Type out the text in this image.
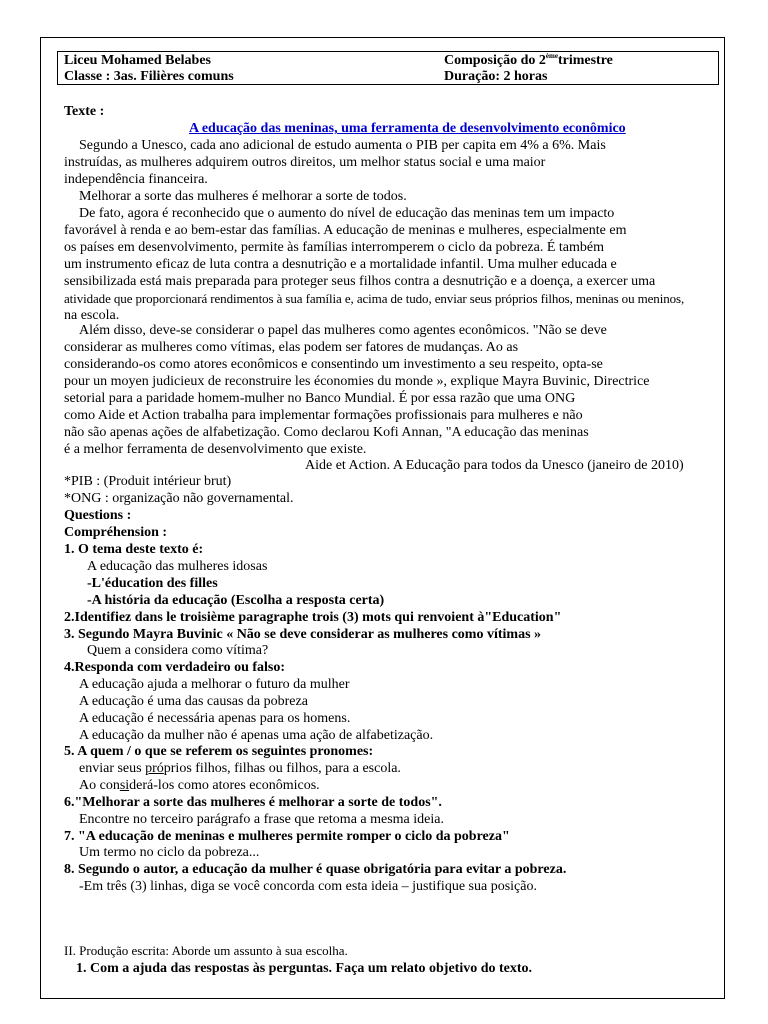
Liceu Mohamed Belabes
Classe : 3as. Filières comuns
Composição do 2èmetrimestre
Duração: 2 horas
Texte :
A educação das meninas, uma ferramenta de desenvolvimento econômico
Segundo a Unesco, cada ano adicional de estudo aumenta o PIB per capita em 4% a 6%. Mais
instruídas, as mulheres adquirem outros direitos, um melhor status social e uma maior
independência financeira.
Melhorar a sorte das mulheres é melhorar a sorte de todos.
De fato, agora é reconhecido que o aumento do nível de educação das meninas tem um impacto
favorável à renda e ao bem-estar das famílias. A educação de meninas e mulheres, especialmente em
os países em desenvolvimento, permite às famílias interromperem o ciclo da pobreza. É também
um instrumento eficaz de luta contra a desnutrição e a mortalidade infantil. Uma mulher educada e
sensibilizada está mais preparada para proteger seus filhos contra a desnutrição e a doença, a exercer uma
atividade que proporcionará rendimentos à sua família e, acima de tudo, enviar seus próprios filhos, meninas ou meninos,
na escola.
Além disso, deve-se considerar o papel das mulheres como agentes econômicos. "Não se deve
considerar as mulheres como vítimas, elas podem ser fatores de mudanças. Ao as
considerando-os como atores econômicos e consentindo um investimento a seu respeito, opta-se
pour un moyen judicieux de reconstruire les économies du monde », explique Mayra Buvinic, Directrice
setorial para a paridade homem-mulher no Banco Mundial. É por essa razão que uma ONG
como Aide et Action trabalha para implementar formações profissionais para mulheres e não
não são apenas ações de alfabetização. Como declarou Kofi Annan, "A educação das meninas
é a melhor ferramenta de desenvolvimento que existe.
Aide et Action. A Educação para todos da Unesco (janeiro de 2010)
*PIB : (Produit intérieur brut)
*ONG : organização não governamental.
Questions :
Compréhension :
1. O tema deste texto é:
A educação das mulheres idosas
-L'éducation des filles
-A história da educação (Escolha a resposta certa)
2.Identifiez dans le troisième paragraphe trois (3) mots qui renvoient à"Education"
3. Segundo Mayra Buvinic « Não se deve considerar as mulheres como vítimas »
Quem a considera como vítima?
4.Responda com verdadeiro ou falso:
A educação ajuda a melhorar o futuro da mulher
A educação é uma das causas da pobreza
A educação é necessária apenas para os homens.
A educação da mulher não é apenas uma ação de alfabetização.
5. A quem / o que se referem os seguintes pronomes:
enviar seus próprios filhos, filhas ou filhos, para a escola.
Ao considerá-los como atores econômicos.
6."Melhorar a sorte das mulheres é melhorar a sorte de todos".
Encontre no terceiro parágrafo a frase que retoma a mesma ideia.
7. "A educação de meninas e mulheres permite romper o ciclo da pobreza"
Um termo no ciclo da pobreza...
8. Segundo o autor, a educação da mulher é quase obrigatória para evitar a pobreza.
-Em três (3) linhas, diga se você concorda com esta ideia – justifique sua posição.
II. Produção escrita: Aborde um assunto à sua escolha.
1. Com a ajuda das respostas às perguntas. Faça um relato objetivo do texto.
